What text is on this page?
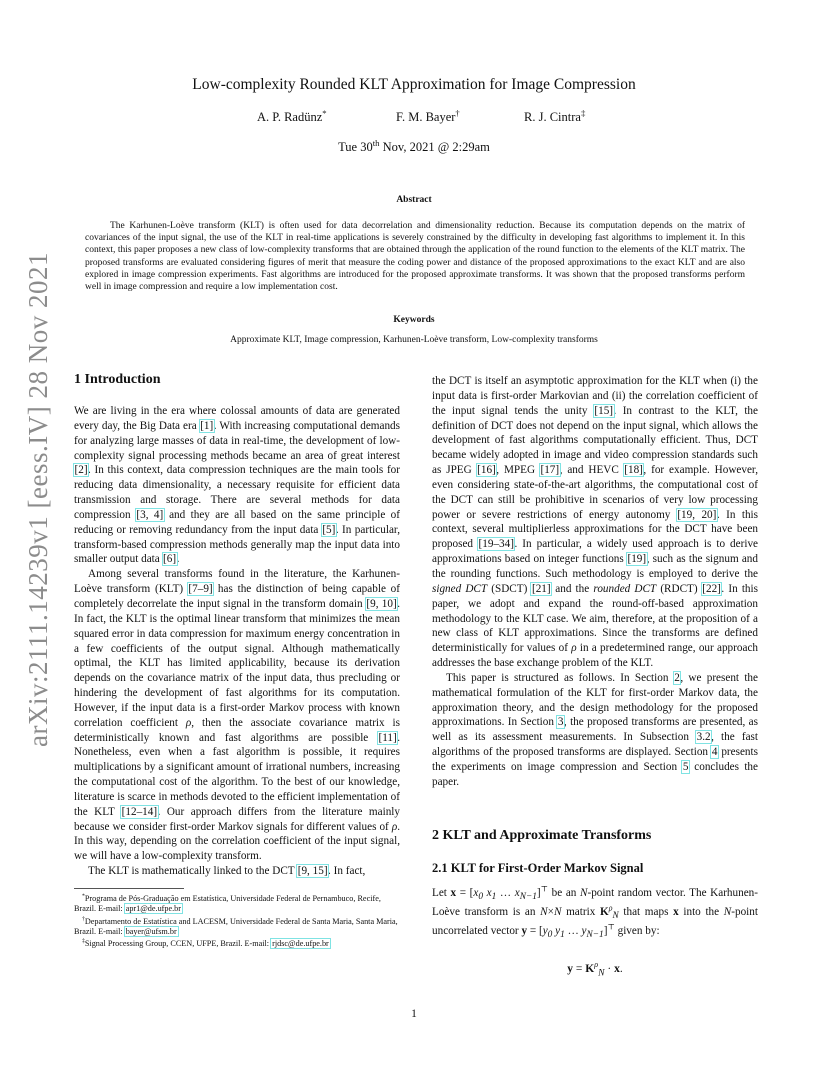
arXiv:2111.14239v1 [eess.IV] 28 Nov 2021
Low-complexity Rounded KLT Approximation for Image Compression
A. P. Radünz*	F. M. Bayer†	R. J. Cintra‡
Tue 30th Nov, 2021 @ 2:29am
Abstract

The Karhunen-Loève transform (KLT) is often used for data decorrelation and dimensionality reduction. Because its computation depends on the matrix of covariances of the input signal, the use of the KLT in real-time applications is severely constrained by the difficulty in developing fast algorithms to implement it. In this context, this paper proposes a new class of low-complexity transforms that are obtained through the application of the round function to the elements of the KLT matrix. The proposed transforms are evaluated considering figures of merit that measure the coding power and distance of the proposed approximations to the exact KLT and are also explored in image compression experiments. Fast algorithms are introduced for the proposed approximate transforms. It was shown that the proposed transforms perform well in image compression and require a low implementation cost.

Keywords
Approximate KLT, Image compression, Karhunen-Loève transform, Low-complexity transforms
1 Introduction

We are living in the era where colossal amounts of data are generated every day, the Big Data era [1]. With increasing computational demands for analyzing large masses of data in real-time, the development of low-complexity signal processing methods became an area of great interest [2]. In this context, data compression techniques are the main tools for reducing data dimensionality, a necessary requisite for efficient data transmission and storage. There are several methods for data compression [3, 4] and they are all based on the same principle of reducing or removing redundancy from the input data [5]. In particular, transform-based compression methods generally map the input data into smaller output data [6].

Among several transforms found in the literature, the Karhunen-Loève transform (KLT) [7–9] has the distinction of being capable of completely decorrelate the input signal in the transform domain [9, 10]. In fact, the KLT is the optimal linear transform that minimizes the mean squared error in data compression for maximum energy concentration in a few coefficients of the output signal. Although mathematically optimal, the KLT has limited applicability, because its derivation depends on the covariance matrix of the input data, thus precluding or hindering the development of fast algorithms for its computation. However, if the input data is a first-order Markov process with known correlation coefficient ρ, then the associate covariance matrix is deterministically known and fast algorithms are possible [11]. Nonetheless, even when a fast algorithm is possible, it requires multiplications by a significant amount of irrational numbers, increasing the computational cost of the algorithm. To the best of our knowledge, literature is scarce in methods devoted to the efficient implementation of the KLT [12–14]. Our approach differs from the literature mainly because we consider first-order Markov signals for different values of ρ. In this way, depending on the correlation coefficient of the input signal, we will have a low-complexity transform.

The KLT is mathematically linked to the DCT [9, 15]. In fact,

*Programa de Pós-Graduação em Estatística, Universidade Federal de Pernambuco, Recife, Brazil. E-mail: apr1@de.ufpe.br

†Departamento de Estatística and LACESM, Universidade Federal de Santa Maria, Santa Maria, Brazil. E-mail: bayer@ufsm.br

‡Signal Processing Group, CCEN, UFPE, Brazil. E-mail: rjdsc@de.ufpe.br

the DCT is itself an asymptotic approximation for the KLT when (i) the input data is first-order Markovian and (ii) the correlation coefficient of the input signal tends the unity [15]. In contrast to the KLT, the definition of DCT does not depend on the input signal, which allows the development of fast algorithms computationally efficient. Thus, DCT became widely adopted in image and video compression standards such as JPEG [16], MPEG [17], and HEVC [18], for example. However, even considering state-of-the-art algorithms, the computational cost of the DCT can still be prohibitive in scenarios of very low processing power or severe restrictions of energy autonomy [19, 20]. In this context, several multiplierless approximations for the DCT have been proposed [19–34]. In particular, a widely used approach is to derive approximations based on integer functions [19], such as the signum and the rounding functions. Such methodology is employed to derive the signed DCT (SDCT) [21] and the rounded DCT (RDCT) [22]. In this paper, we adopt and expand the round-off-based approximation methodology to the KLT case. We aim, therefore, at the proposition of a new class of KLT approximations. Since the transforms are defined deterministically for values of ρ in a predetermined range, our approach addresses the base exchange problem of the KLT.

This paper is structured as follows. In Section 2, we present the mathematical formulation of the KLT for first-order Markov data, the approximation theory, and the design methodology for the proposed approximations. In Section 3, the proposed transforms are presented, as well as its assessment measurements. In Subsection 3.2, the fast algorithms of the proposed transforms are displayed. Section 4 presents the experiments on image compression and Section 5 concludes the paper.

2 KLT and Approximate Transforms
2.1 KLT for First-Order Markov Signal

Let $x = [x_0$ $x_1$ … $x_{N-1}]^⊤$ be an N-point random vector. The Karhunen-Loève transform is an N×N matrix $K^\rho_N$ that maps x into the N-point uncorrelated vector $y = [y_0$ $y_1$ … $y_{N-1}]^⊤$ given by:

$y = K^\rho_N \cdot x$.
1
